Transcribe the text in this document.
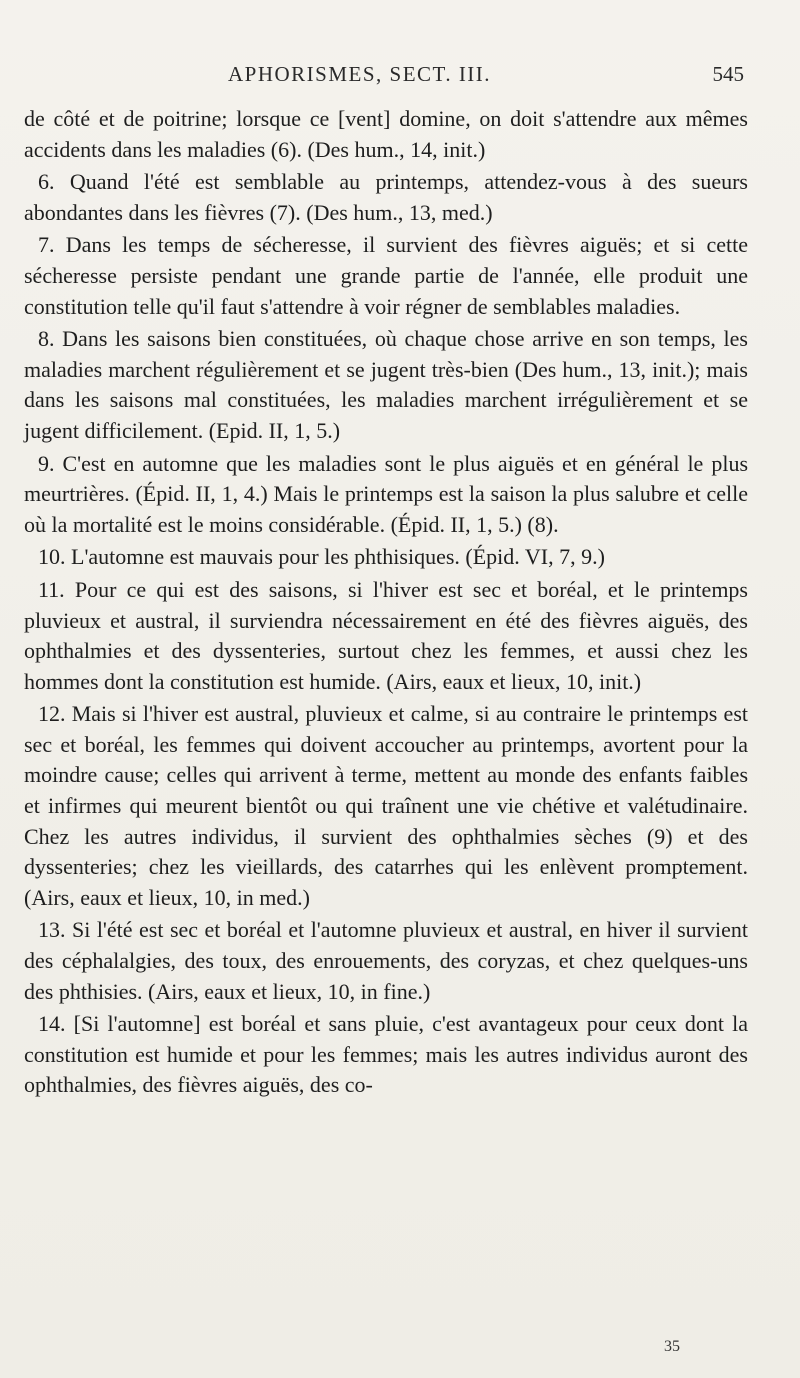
APHORISMES, SECT. III.	545

de côté et de poitrine; lorsque ce [vent] domine, on doit s'attendre aux mêmes accidents dans les maladies (6). (Des hum., 14, init.)

6. Quand l'été est semblable au printemps, attendez-vous à des sueurs abondantes dans les fièvres (7). (Des hum., 13, med.)

7. Dans les temps de sécheresse, il survient des fièvres aiguës; et si cette sécheresse persiste pendant une grande partie de l'année, elle produit une constitution telle qu'il faut s'attendre à voir régner de semblables maladies.

8. Dans les saisons bien constituées, où chaque chose arrive en son temps, les maladies marchent régulièrement et se jugent très-bien (Des hum., 13, init.); mais dans les saisons mal constituées, les maladies marchent irrégulièrement et se jugent difficilement. (Epid. II, 1, 5.)

9. C'est en automne que les maladies sont le plus aiguës et en général le plus meurtrières. (Épid. II, 1, 4.) Mais le printemps est la saison la plus salubre et celle où la mortalité est le moins considérable. (Épid. II, 1, 5.) (8).

10. L'automne est mauvais pour les phthisiques. (Épid. VI, 7, 9.)

11. Pour ce qui est des saisons, si l'hiver est sec et boréal, et le printemps pluvieux et austral, il surviendra nécessairement en été des fièvres aiguës, des ophthalmies et des dyssenteries, surtout chez les femmes, et aussi chez les hommes dont la constitution est humide. (Airs, eaux et lieux, 10, init.)

12. Mais si l'hiver est austral, pluvieux et calme, si au contraire le printemps est sec et boréal, les femmes qui doivent accoucher au printemps, avortent pour la moindre cause; celles qui arrivent à terme, mettent au monde des enfants faibles et infirmes qui meurent bientôt ou qui traînent une vie chétive et valétudinaire. Chez les autres individus, il survient des ophthalmies sèches (9) et des dyssenteries; chez les vieillards, des catarrhes qui les enlèvent promptement. (Airs, eaux et lieux, 10, in med.)

13. Si l'été est sec et boréal et l'automne pluvieux et austral, en hiver il survient des céphalalgies, des toux, des enrouements, des coryzas, et chez quelques-uns des phthisies. (Airs, eaux et lieux, 10, in fine.)

14. [Si l'automne] est boréal et sans pluie, c'est avantageux pour ceux dont la constitution est humide et pour les femmes; mais les autres individus auront des ophthalmies, des fièvres aiguës, des co-

35
